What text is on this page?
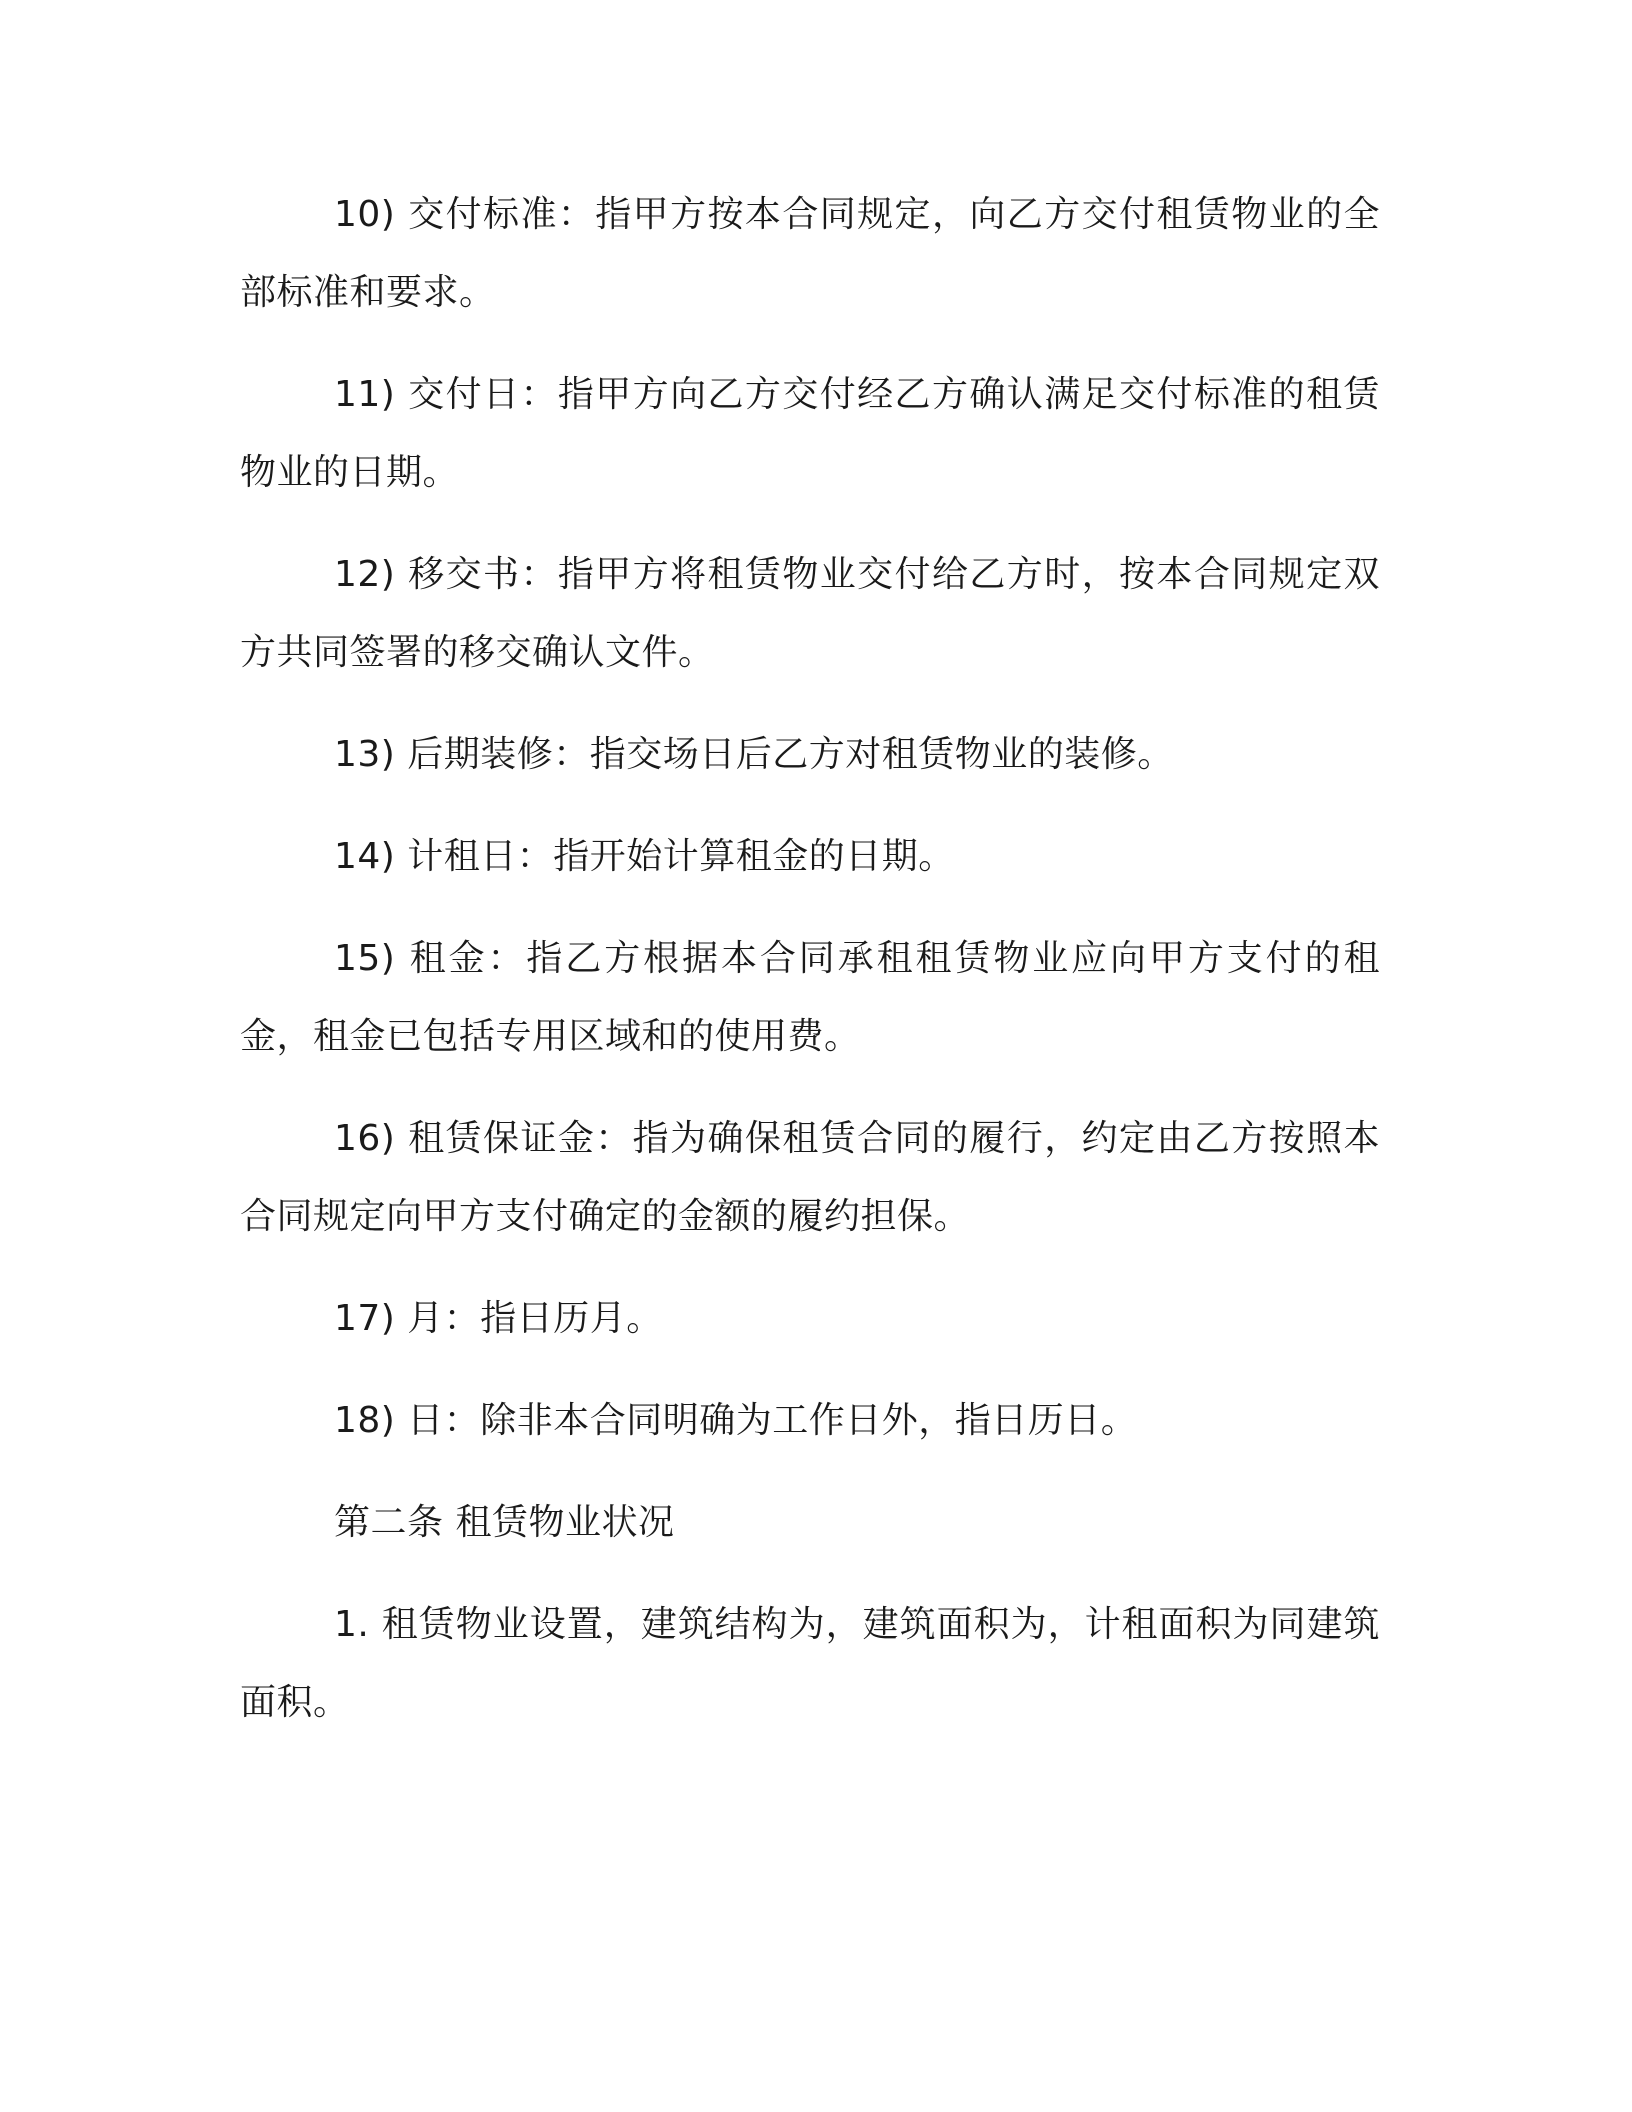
10) 交付标准：指甲方按本合同规定，向乙方交付租赁物业的全部标准和要求。

11) 交付日：指甲方向乙方交付经乙方确认满足交付标准的租赁物业的日期。

12) 移交书：指甲方将租赁物业交付给乙方时，按本合同规定双方共同签署的移交确认文件。

13) 后期装修：指交场日后乙方对租赁物业的装修。

14) 计租日：指开始计算租金的日期。

15) 租金：指乙方根据本合同承租租赁物业应向甲方支付的租金，租金已包括专用区域和的使用费。

16) 租赁保证金：指为确保租赁合同的履行，约定由乙方按照本合同规定向甲方支付确定的金额的履约担保。

17) 月：指日历月。

18) 日：除非本合同明确为工作日外，指日历日。

第二条 租赁物业状况

1. 租赁物业设置，建筑结构为，建筑面积为，计租面积为同建筑面积。
